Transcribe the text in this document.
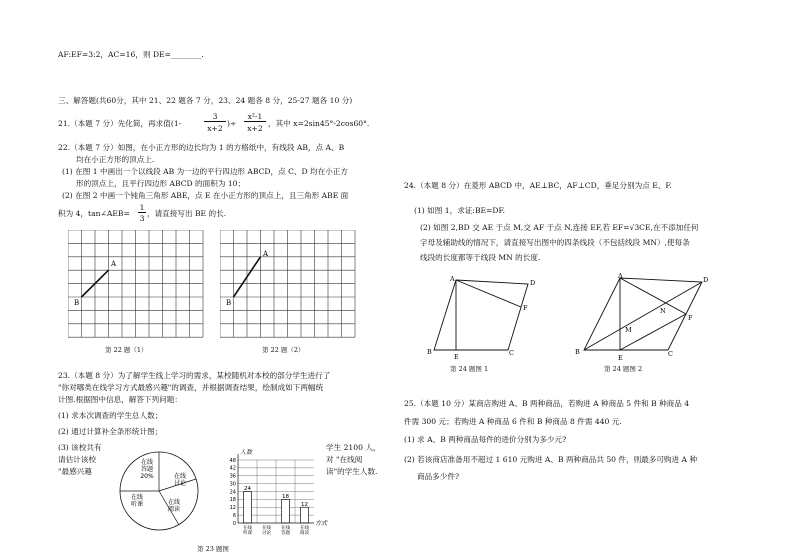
AF:EF=3:2，AC=16，则 DE=________.
三、解答题(共60分，其中 21、22 题各 7 分，23、24 题各 8 分，25-27 题各 10 分)
21.（本题 7 分）先化简，再求值(1-
3
x+2
)÷
x²-1
x+2
，其中 x=2sin45°-2cos60°.
22.（本题 7 分）如图，在小正方形的边长均为 1 的方格纸中，有线段 AB，点 A、B
均在小正方形的顶点上.
(1) 在图 1 中画出一个以线段 AB 为一边的平行四边形 ABCD，点 C、D 均在小正方
形的顶点上，且平行四边形 ABCD 的面积为 10；
(2) 在图 2 中画一个钝角三角形 ABE，点 E 在小正方形的顶点上，且三角形 ABE 面
积为 4，tan∠AEB=
1
3
，请直接写出 BE 的长.
A
B
第 22 题（1）
A
B
第 22 题（2）
23.（本题 8 分）为了解学生线上学习的需求，某校随机对本校的部分学生进行了
"你对哪类在线学习方式最感兴趣"的调查，并根据调查结果，绘制成如下两幅统
计图.根据图中信息，解答下列问题：
(1) 求本次调查的学生总人数；
(2) 通过计算补全条形统计图；
(3) 该校共有
请估计该校
"最感兴趣
学生 2100 人，
对 "在线阅
读"的学生人数.
在线
答题
20%	在线
讨论
在线
阅读
在线
听课
0
6
12
18
24
30
36
42
48
24
18
12
在线
听课
在线
讨论
在线
答题
在线
阅读
人数
方式
第 23 题图
24.（本题 8 分）在菱形 ABCD 中，AE⊥BC，AF⊥CD，垂足分别为点 E、F.
(1) 如图 1，求证:BE=DF.
(2) 如图 2,BD 交 AE 于点 M,交 AF 于点 N,连接 EF,若 EF=√3CE,在不添加任何
字母及辅助线的情况下，请直接写出图中的四条线段（不包括线段 MN）,使每条
线段的长度都等于线段 MN 的长度.
A
B	C
D
E
F
第 24 题图 1
A
B	C
D
E
F
M
N
第 24 题图 2
25.（本题 10 分）某商店购进 A、B 两种商品，若购进 A 种商品 5 件和 B 种商品 4
件需 300 元；若购进 A 种商品 6 件和 B 种商品 8 件需 440 元.
(1) 求 A、B 两种商品每件的进价分别为多少元?
(2) 若该商店准备用不超过 1 610 元购进 A、B 两种商品共 50 件，则最多可购进 A 种
商品多少件?
